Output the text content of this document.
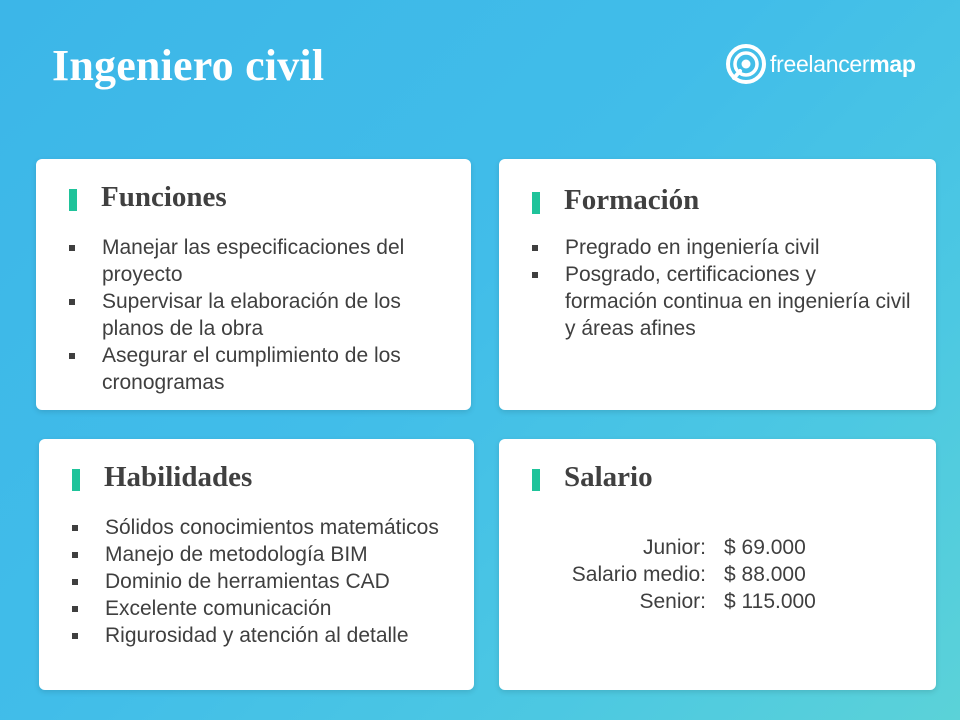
Ingeniero civil	freelancermap
Funciones
Manejar las especificaciones del proyecto
Supervisar la elaboración de los planos de la obra
Asegurar el cumplimiento de los cronogramas
Formación
Pregrado en ingeniería civil
Posgrado, certificaciones y formación continua en ingeniería civil y áreas afines
Habilidades
Sólidos conocimientos matemáticos
Manejo de metodología BIM
Dominio de herramientas CAD
Excelente comunicación
Rigurosidad y atención al detalle
Salario
Junior: $ 69.000
Salario medio: $ 88.000
Senior: $ 115.000
